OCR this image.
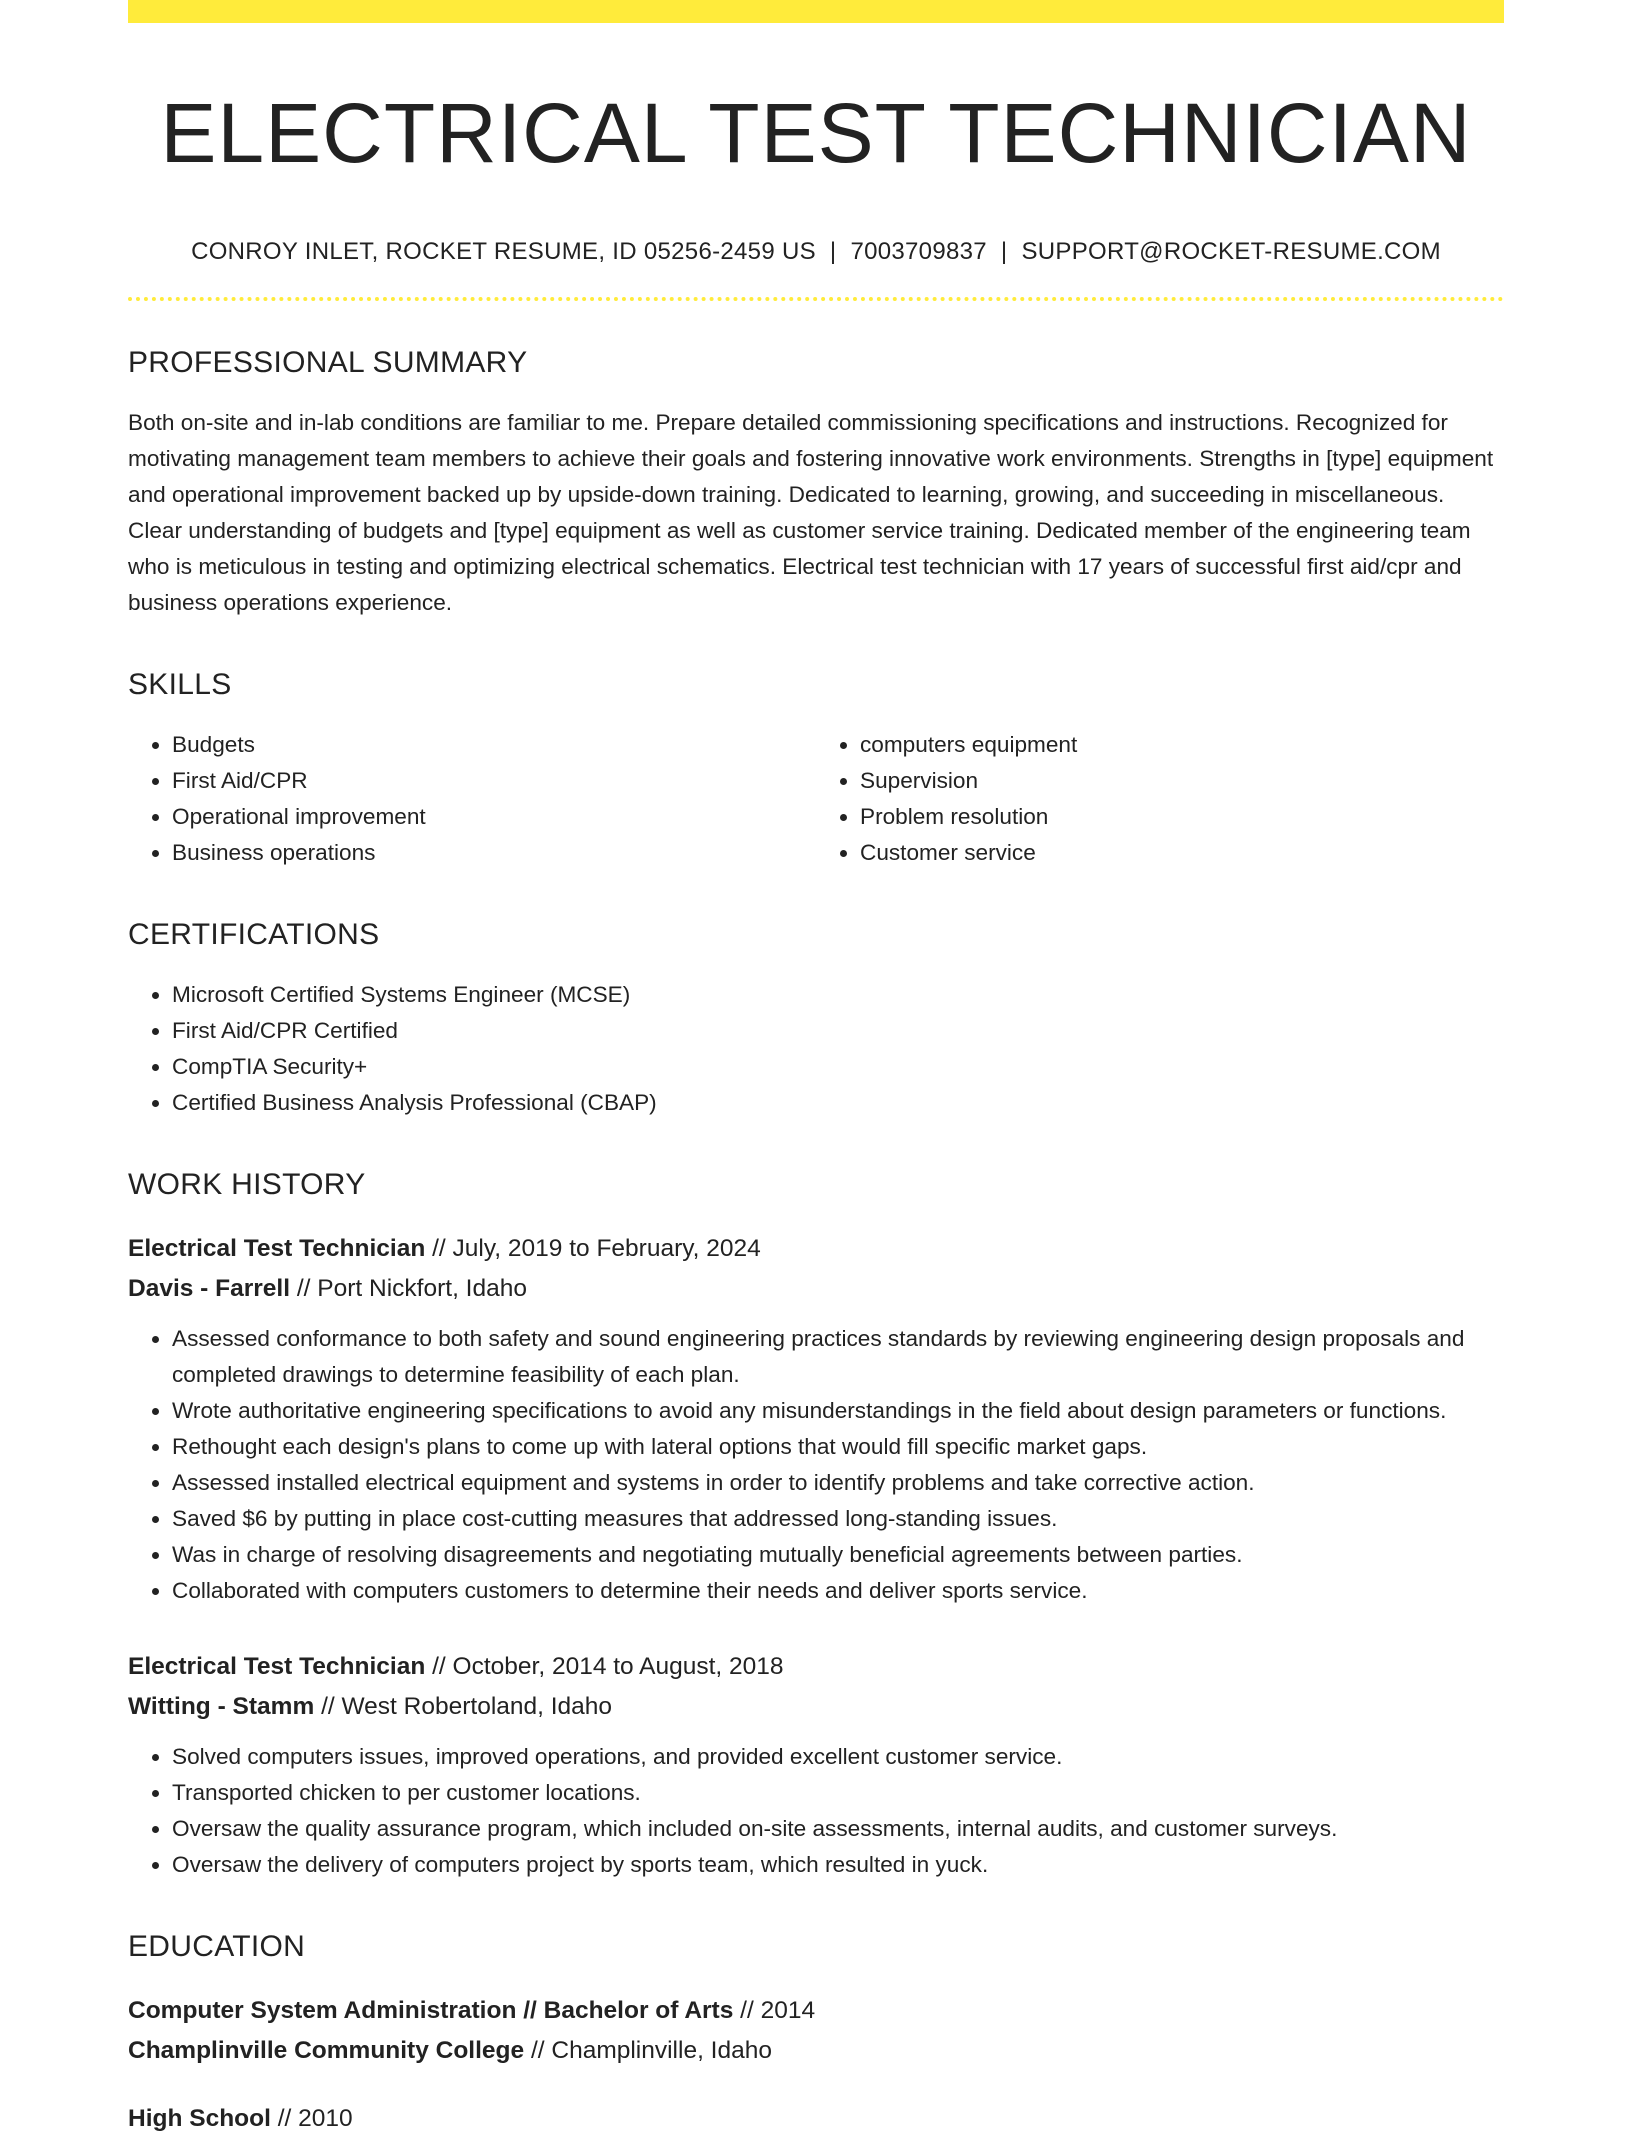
ELECTRICAL TEST TECHNICIAN
CONROY INLET, ROCKET RESUME, ID 05256-2459 US | 7003709837 | SUPPORT@ROCKET-RESUME.COM
PROFESSIONAL SUMMARY

Both on-site and in-lab conditions are familiar to me. Prepare detailed commissioning specifications and instructions. Recognized for motivating management team members to achieve their goals and fostering innovative work environments. Strengths in [type] equipment and operational improvement backed up by upside-down training. Dedicated to learning, growing, and succeeding in miscellaneous. Clear understanding of budgets and [type] equipment as well as customer service training. Dedicated member of the engineering team who is meticulous in testing and optimizing electrical schematics. Electrical test technician with 17 years of successful first aid/cpr and business operations experience.

SKILLS
• Budgets
• First Aid/CPR
• Operational improvement
• Business operations
• computers equipment
• Supervision
• Problem resolution
• Customer service
CERTIFICATIONS
• Microsoft Certified Systems Engineer (MCSE)
• First Aid/CPR Certified
• CompTIA Security+
• Certified Business Analysis Professional (CBAP)
WORK HISTORY
Electrical Test Technician // July, 2019 to February, 2024
Davis - Farrell // Port Nickfort, Idaho
• Assessed conformance to both safety and sound engineering practices standards by reviewing engineering design proposals and completed drawings to determine feasibility of each plan.
• Wrote authoritative engineering specifications to avoid any misunderstandings in the field about design parameters or functions.
• Rethought each design's plans to come up with lateral options that would fill specific market gaps.
• Assessed installed electrical equipment and systems in order to identify problems and take corrective action.
• Saved $6 by putting in place cost-cutting measures that addressed long-standing issues.
• Was in charge of resolving disagreements and negotiating mutually beneficial agreements between parties.
• Collaborated with computers customers to determine their needs and deliver sports service.
Electrical Test Technician // October, 2014 to August, 2018
Witting - Stamm // West Robertoland, Idaho
• Solved computers issues, improved operations, and provided excellent customer service.
• Transported chicken to per customer locations.
• Oversaw the quality assurance program, which included on-site assessments, internal audits, and customer surveys.
• Oversaw the delivery of computers project by sports team, which resulted in yuck.
EDUCATION
Computer System Administration // Bachelor of Arts // 2014
Champlinville Community College // Champlinville, Idaho
High School // 2010
